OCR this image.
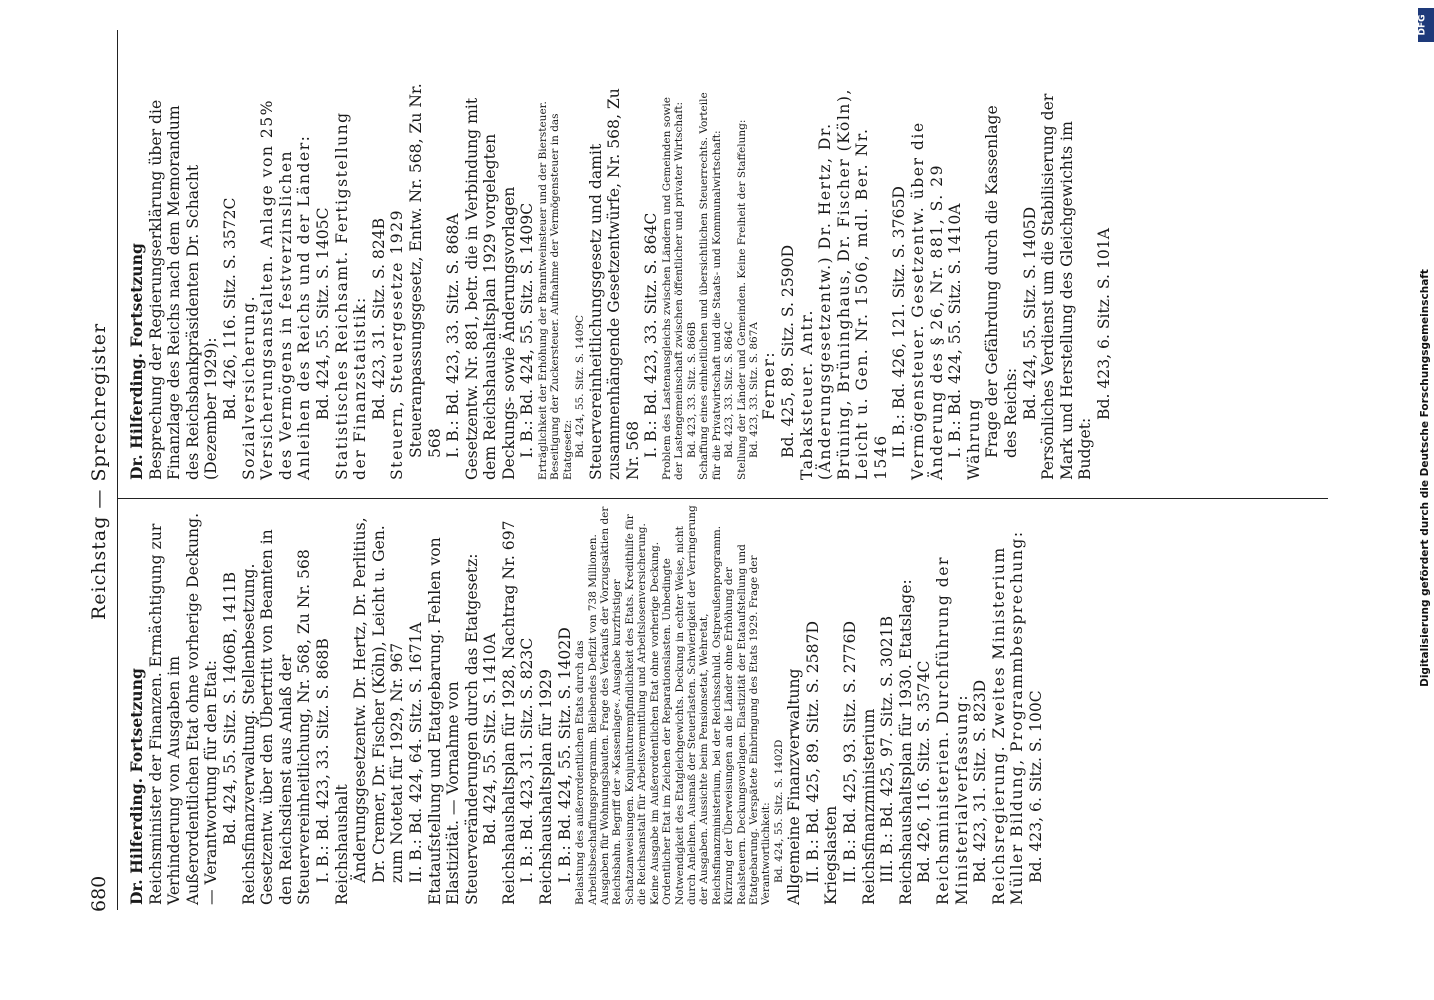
680
Reichstag — Sprechregister

Dr. Hilferding. Fortsetzung Reichsminister der Finanzen. Ermächtigung zur Verhinderung von Ausgaben im Außerordentlichen Etat ohne vorherige Deckung. — Verantwortung für den Etat: Bd. 424, 55. Sitz. S. 1406B, 1411B Reichsfinanzverwaltung. Stellenbesetzung. Gesetzentw. über den Übertritt von Beamten in den Reichsdienst aus Anlaß der Steuervereinheitlichung, Nr. 568, Zu Nr. 568 I. B.: Bd. 423, 33. Sitz. S. 868B Reichshaushalt Änderungsgesetzentw. Dr. Hertz, Dr. Perlitius, Dr. Cremer, Dr. Fischer (Köln), Leicht u. Gen. zum Notetat für 1929, Nr. 967 II. B.: Bd. 424, 64. Sitz. S. 1671A Etataufstellung und Etatgebarung. Fehlen von Elastizität. — Vornahme von Steuerveränderungen durch das Etatgesetz: Bd. 424, 55. Sitz. S. 1410A Reichshaushaltsplan für 1928, Nachtrag Nr. 697 I. B.: Bd. 423, 31. Sitz. S. 823C Reichshaushaltsplan für 1929 I. B.: Bd. 424, 55. Sitz. S. 1402D Belastung des außerordentlichen Etats durch das Arbeitsbeschaffungsprogramm. Bleibendes Defizit von 738 Millionen. Ausgaben für Wohnungsbauten. Frage des Verkaufs der Vorzugsaktien der Reichsbahn. Begriff der »Kassenlage«. Ausgabe kurzfristiger Schatzanweisungen. Konjunkturempfindlichkeit des Etats. Kredithilfe für die Reichsanstalt für Arbeitsvermittlung und Arbeitslosenversicherung. Keine Ausgabe im Außerordentlichen Etat ohne vorherige Deckung. Ordentlicher Etat im Zeichen der Reparationslasten. Unbedingte Notwendigkeit des Etatgleichgewichts. Deckung in echter Weise, nicht durch Anleihen. Ausmaß der Steuerlasten. Schwierigkeit der Verringerung der Ausgaben. Aussichte beim Pensionsetat, Wehretat, Reichsfinanzministerium, bei der Reichsschuld. Ostpreußenprogramm. Kürzung der Überweisungen an die Länder ohne Erhöhung der Realsteuern. Deckungsvorlagen. Elastizität der Etataufstellung und Etatgebarung. Verspätete Einbringung des Etats 1929. Frage der Verantwortlichkeit: Bd. 424, 55. Sitz. S. 1402D Allgemeine Finanzverwaltung II. B.: Bd. 425, 89. Sitz. S. 2587D Kriegslasten II. B.: Bd. 425, 93. Sitz. S. 2776D Reichsfinanzministerium III. B.: Bd. 425, 97. Sitz. S. 3021B Reichshaushaltsplan für 1930. Etatslage: Bd. 426, 116. Sitz. S. 3574C Reichsministerien. Durchführung der Ministerialverfassung: Bd. 423, 31. Sitz. S. 823D Reichsregierung. Zweites Ministerium Müller Bildung, Programmbesprechung: Bd. 423, 6. Sitz. S. 100C

Dr. Hilferding. Fortsetzung Besprechung der Regierungserklärung über die Finanzlage des Reichs nach dem Memorandum des Reichsbankpräsidenten Dr. Schacht (Dezember 1929): Bd. 426, 116. Sitz. S. 3572C Sozialversicherung. Versicherungsanstalten. Anlage von 25% des Vermögens in festverzinslichen Anleihen des Reichs und der Länder: Bd. 424, 55. Sitz. S. 1405C Statistisches Reichsamt. Fertigstellung der Finanzstatistik: Bd. 423, 31. Sitz. S. 824B Steuern, Steuergesetze 1929 Steueranpassungsgesetz, Entw. Nr. 568, Zu Nr. 568 I. B.: Bd. 423, 33. Sitz. S. 868A Gesetzentw. Nr. 881, betr. die in Verbindung mit dem Reichshaushaltsplan 1929 vorgelegten Deckungs- sowie Änderungsvorlagen I. B.: Bd. 424, 55. Sitz. S. 1409C Erträglichkeit der Erhöhung der Branntweinsteuer und der Biersteuer. Beseitigung der Zuckersteuer. Aufnahme der Vermögensteuer in das Etatgesetz: Bd. 424, 55. Sitz. S. 1409C Steuervereinheitlichungsgesetz und damit zusammenhängende Gesetzentwürfe, Nr. 568, Zu Nr. 568 I. B.: Bd. 423, 33. Sitz. S. 864C Problem des Lastenausgleichs zwischen Ländern und Gemeinden sowie der Lastengemeinschaft zwischen öffentlicher und privater Wirtschaft: Bd. 423, 33. Sitz. S. 866B Schaffung eines einheitlichen und übersichtlichen Steuerrechts. Vorteile für die Privatwirtschaft und die Staats- und Kommunalwirtschaft: Bd. 423, 33. Sitz. S. 864C Stellung der Länder und Gemeinden. Keine Freiheit der Staffelung: Bd. 423, 33. Sitz. S. 867A Ferner: Bd. 425, 89. Sitz. S. 2590D Tabaksteuer. Antr. (Änderungsgesetzentw.) Dr. Hertz, Dr. Brüning, Brüninghaus, Dr. Fischer (Köln), Leicht u. Gen. Nr. 1506, mdl. Ber. Nr. 1546 II. B.: Bd. 426, 121. Sitz. S. 3765D Vermögensteuer. Gesetzentw. über die Änderung des § 26, Nr. 881, S. 29 I. B.: Bd. 424, 55. Sitz. S. 1410A Währung Frage der Gefährdung durch die Kassenlage des Reichs: Bd. 424, 55. Sitz. S. 1405D Persönliches Verdienst um die Stabilisierung der Mark und Herstellung des Gleichgewichts im Budget:

Bd. 423, 6. Sitz. S. 101A	Digitalisierung gefördert durch die Deutsche Forschungsgemeinschaft
DFG
